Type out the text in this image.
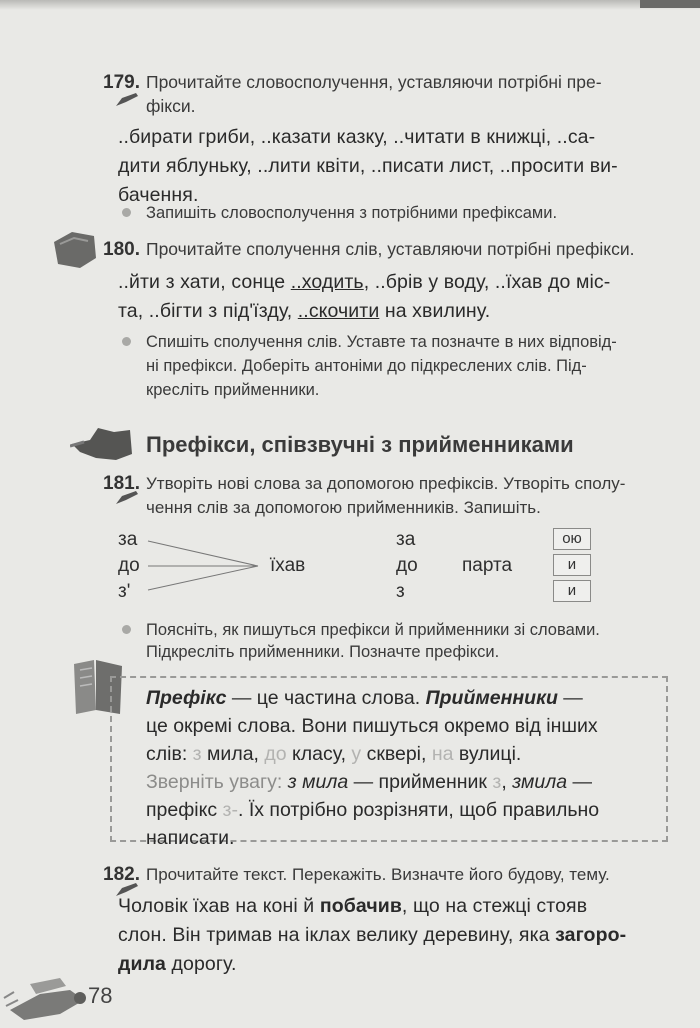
179. Прочитайте словосполучення, уставляючи потрібні пре-
фікси.
..бирати гриби, ..казати казку, ..читати в книжці, ..са-
дити яблуньку, ..лити квіти, ..писати лист, ..просити ви-
бачення.
Запишіть словосполучення з потрібними префіксами.
180. Прочитайте сполучення слів, уставляючи потрібні префікси.
..йти з хати, сонце ..ходить, ..брів у воду, ..їхав до міс-
та, ..бігти з під'їзду, ..скочити на хвилину.
Спишіть сполучення слів. Уставте та позначте в них відповід-
ні префікси. Доберіть антоніми до підкреслених слів. Під-
кресліть прийменники.
Префікси, співзвучні з прийменниками
181. Утворіть нові слова за допомогою префіксів. Утворіть сполу-
чення слів за допомогою прийменників. Запишіть.
за
до
з'
їхав
за
до
з
парта
ою
и
и
Поясніть, як пишуться префікси й прийменники зі словами.
Підкресліть прийменники. Позначте префікси.
Префікс — це частина слова. Прийменники —
це окремі слова. Вони пишуться окремо від інших
слів: з мила, до класу, у сквері, на вулиці.
Зверніть увагу: з мила — прийменник з, змила —
префікс з-. Їх потрібно розрізняти, щоб правильно
написати.
182. Прочитайте текст. Перекажіть. Визначте його будову, тему.
Чоловік їхав на коні й побачив, що на стежці стояв
слон. Він тримав на іклах велику деревину, яка загоро-
дила дорогу.
78
